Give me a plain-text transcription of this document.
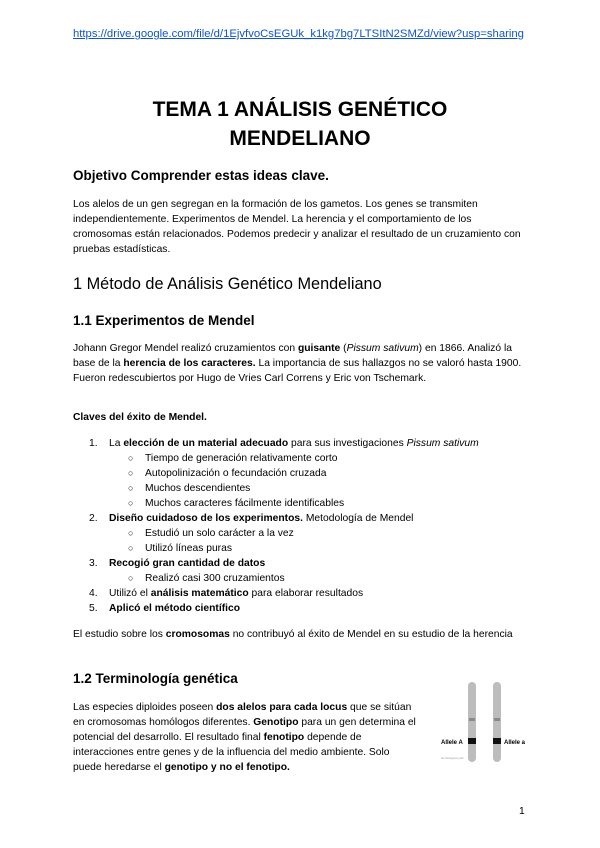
https://drive.google.com/file/d/1EjvfvoCsEGUk_k1kg7bg7LTSItN2SMZd/view?usp=sharing
TEMA 1 ANÁLISIS GENÉTICO
MENDELIANO
Objetivo Comprender estas ideas clave.
Los alelos de un gen segregan en la formación de los gametos. Los genes se transmiten independientemente. Experimentos de Mendel. La herencia y el comportamiento de los cromosomas están relacionados. Podemos predecir y analizar el resultado de un cruzamiento con pruebas estadísticas.
1 Método de Análisis Genético Mendeliano
1.1 Experimentos de Mendel
Johann Gregor Mendel realizó cruzamientos con guisante (Pissum sativum) en 1866. Analizó la base de la herencia de los caracteres. La importancia de sus hallazgos no se valoró hasta 1900. Fueron redescubiertos por Hugo de Vries Carl Correns y Eric von Tschemark.
Claves del éxito de Mendel.
1. La elección de un material adecuado para sus investigaciones Pissum sativum
○ Tiempo de generación relativamente corto
○ Autopolinización o fecundación cruzada
○ Muchos descendientes
○ Muchos caracteres fácilmente identificables
2. Diseño cuidadoso de los experimentos. Metodología de Mendel
○ Estudió un solo carácter a la vez
○ Utilizó líneas puras
3. Recogió gran cantidad de datos
○ Realizó casi 300 cruzamientos
4. Utilizó el análisis matemático para elaborar resultados
5. Aplicó el método científico
El estudio sobre los cromosomas no contribuyó al éxito de Mendel en su estudio de la herencia
1.2 Terminología genética
Las especies diploides poseen dos alelos para cada locus que se sitúan en cromosomas homólogos diferentes. Genotipo para un gen determina el potencial del desarrollo. El resultado final fenotipo depende de interacciones entre genes y de la influencia del medio ambiente. Solo puede heredarse el genotipo y no el fenotipo.
Allele A	Allele a
Homologous pair
1
